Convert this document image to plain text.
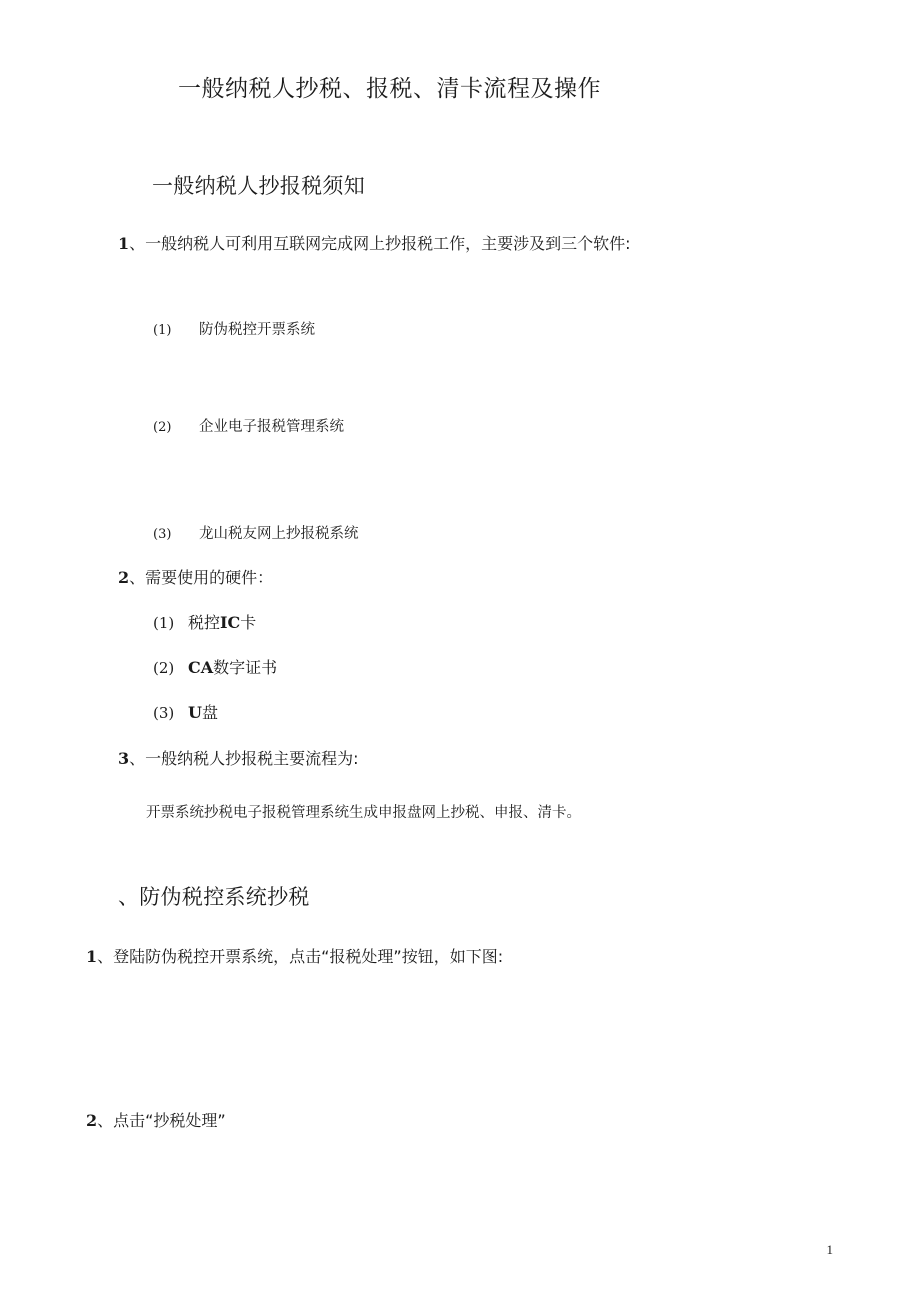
一般纳税人抄税、报税、清卡流程及操作
一般纳税人抄报税须知
1、一般纳税人可利用互联网完成网上抄报税工作，主要涉及到三个软件:
(1) 防伪税控开票系统
(2) 企业电子报税管理系统
(3) 龙山税友网上抄报税系统
2、需要使用的硬件：
(1) 税控IC卡
(2) CA数字证书
(3) U盘
3、一般纳税人抄报税主要流程为:
开票系统抄税电子报税管理系统生成申报盘网上抄税、申报、清卡。
、防伪税控系统抄税
1、登陆防伪税控开票系统，点击“报税处理”按钮，如下图:
2、点击“抄税处理”
1
